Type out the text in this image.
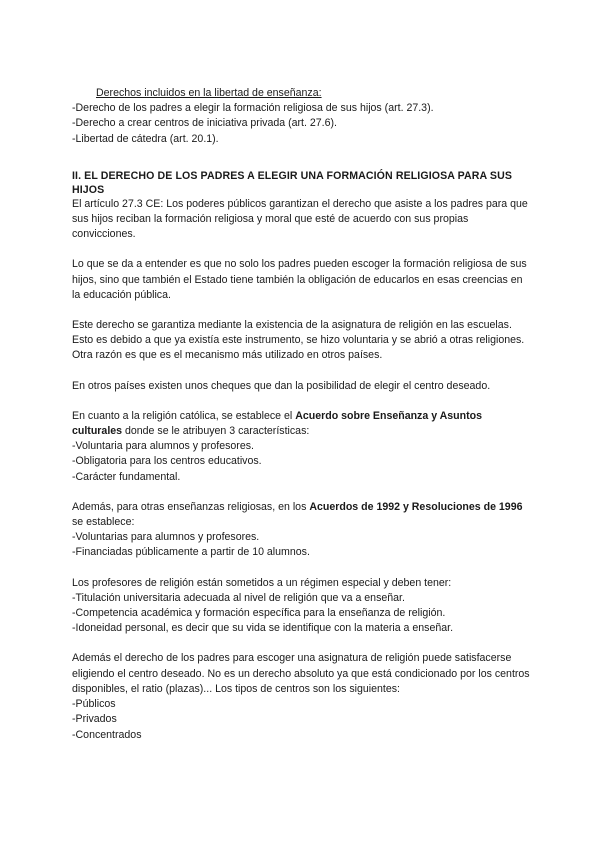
Derechos incluidos en la libertad de enseñanza:
-Derecho de los padres a elegir la formación religiosa de sus hijos (art. 27.3).
-Derecho a crear centros de iniciativa privada (art. 27.6).
-Libertad de cátedra (art. 20.1).
II. EL DERECHO DE LOS PADRES A ELEGIR UNA FORMACIÓN RELIGIOSA PARA SUS HIJOS
El artículo 27.3 CE: Los poderes públicos garantizan el derecho que asiste a los padres para que sus hijos reciban la formación religiosa y moral que esté de acuerdo con sus propias convicciones.
Lo que se da a entender es que no solo los padres pueden escoger la formación religiosa de sus hijos, sino que también el Estado tiene también la obligación de educarlos en esas creencias en la educación pública.
Este derecho se garantiza mediante la existencia de la asignatura de religión en las escuelas. Esto es debido a que ya existía este instrumento, se hizo voluntaria y se abrió a otras religiones. Otra razón es que es el mecanismo más utilizado en otros países.
En otros países existen unos cheques que dan la posibilidad de elegir el centro deseado.
En cuanto a la religión católica, se establece el Acuerdo sobre Enseñanza y Asuntos culturales donde se le atribuyen 3 características:
-Voluntaria para alumnos y profesores.
-Obligatoria para los centros educativos.
-Carácter fundamental.
Además, para otras enseñanzas religiosas, en los Acuerdos de 1992 y Resoluciones de 1996 se establece:
-Voluntarias para alumnos y profesores.
-Financiadas públicamente a partir de 10 alumnos.
Los profesores de religión están sometidos a un régimen especial y deben tener:
-Titulación universitaria adecuada al nivel de religión que va a enseñar.
-Competencia académica y formación específica para la enseñanza de religión.
-Idoneidad personal, es decir que su vida se identifique con la materia a enseñar.
Además el derecho de los padres para escoger una asignatura de religión puede satisfacerse eligiendo el centro deseado. No es un derecho absoluto ya que está condicionado por los centros disponibles, el ratio (plazas)... Los tipos de centros son los siguientes:
-Públicos
-Privados
-Concentrados
